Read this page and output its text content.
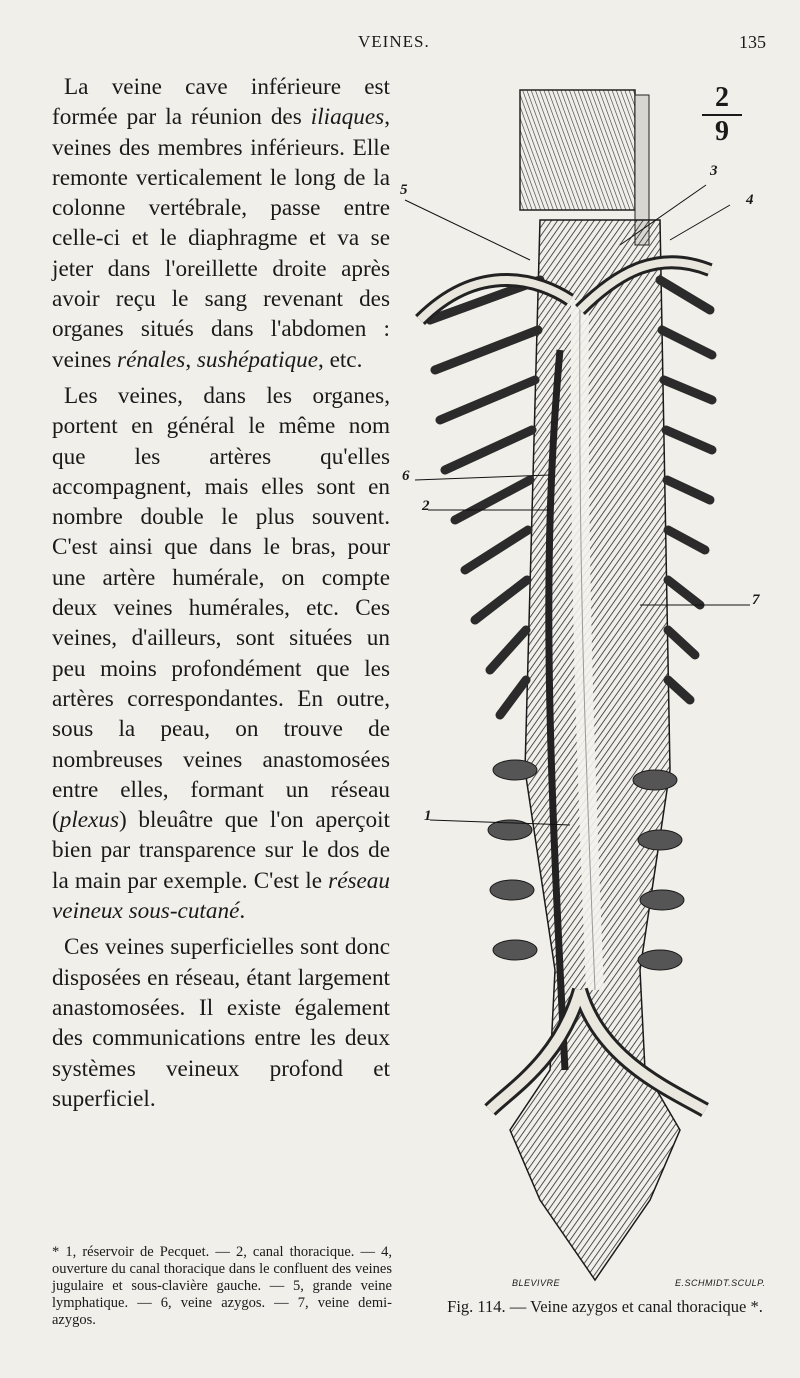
VEINES.	135

La veine cave inférieure est formée par la réunion des iliaques, veines des membres inférieurs. Elle remonte verticalement le long de la colonne vertébrale, passe entre celle-ci et le diaphragme et va se jeter dans l'oreillette droite après avoir reçu le sang revenant des organes situés dans l'abdomen : veines rénales, sushépatique, etc.

Les veines, dans les organes, portent en général le même nom que les artères qu'elles accompagnent, mais elles sont en nombre double le plus souvent. C'est ainsi que dans le bras, pour une artère humérale, on compte deux veines humérales, etc. Ces veines, d'ailleurs, sont situées un peu moins profondément que les artères correspondantes. En outre, sous la peau, on trouve de nombreuses veines anastomosées entre elles, formant un réseau (plexus) bleuâtre que l'on aperçoit bien par transparence sur le dos de la main par exemple. C'est le réseau veineux sous-cutané.

Ces veines superficielles sont donc disposées en réseau, étant largement anastomosées. Il existe également des communications entre les deux systèmes veineux profond et superficiel.

* 1, réservoir de Pecquet. — 2, canal thoracique. — 4, ouverture du canal thoracique dans le confluent des veines jugulaire et sous-clavière gauche. — 5, grande veine lymphatique. — 6, veine azygos. — 7, veine demi-azygos.
2
9
5
3
4
6
2
7
1
BLEVIVRE	E.SCHMIDT.SCULP.
Fig. 114. — Veine azygos et canal thoracique *.
